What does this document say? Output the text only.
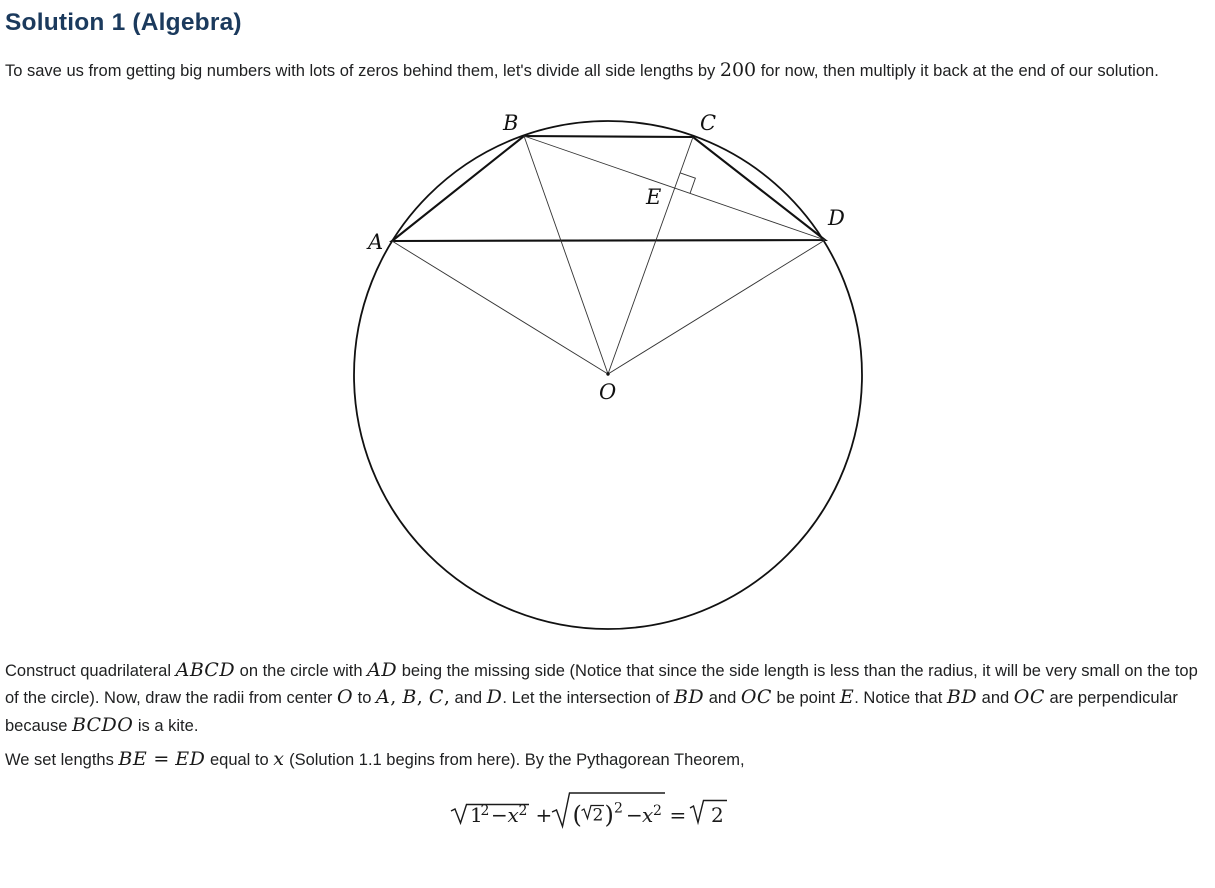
Solution 1 (Algebra)

To save us from getting big numbers with lots of zeros behind them, let's divide all side lengths by 200 for now, then multiply it back at the end of our solution.

A
B	C
D
E
O

Construct quadrilateral ABCD on the circle with AD being the missing side (Notice that since the side length is less than the radius, it will be very small on the top of the circle). Now, draw the radii from center O to A, B, C, and D. Let the intersection of BD and OC be point E. Notice that BD and OC are perpendicular because BCDO is a kite.

We set lengths BE = ED equal to x (Solution 1.1 begins from here). By the Pythagorean Theorem,

1
2 − x 2 + ( 2 ) 2 − x 2 = 2
